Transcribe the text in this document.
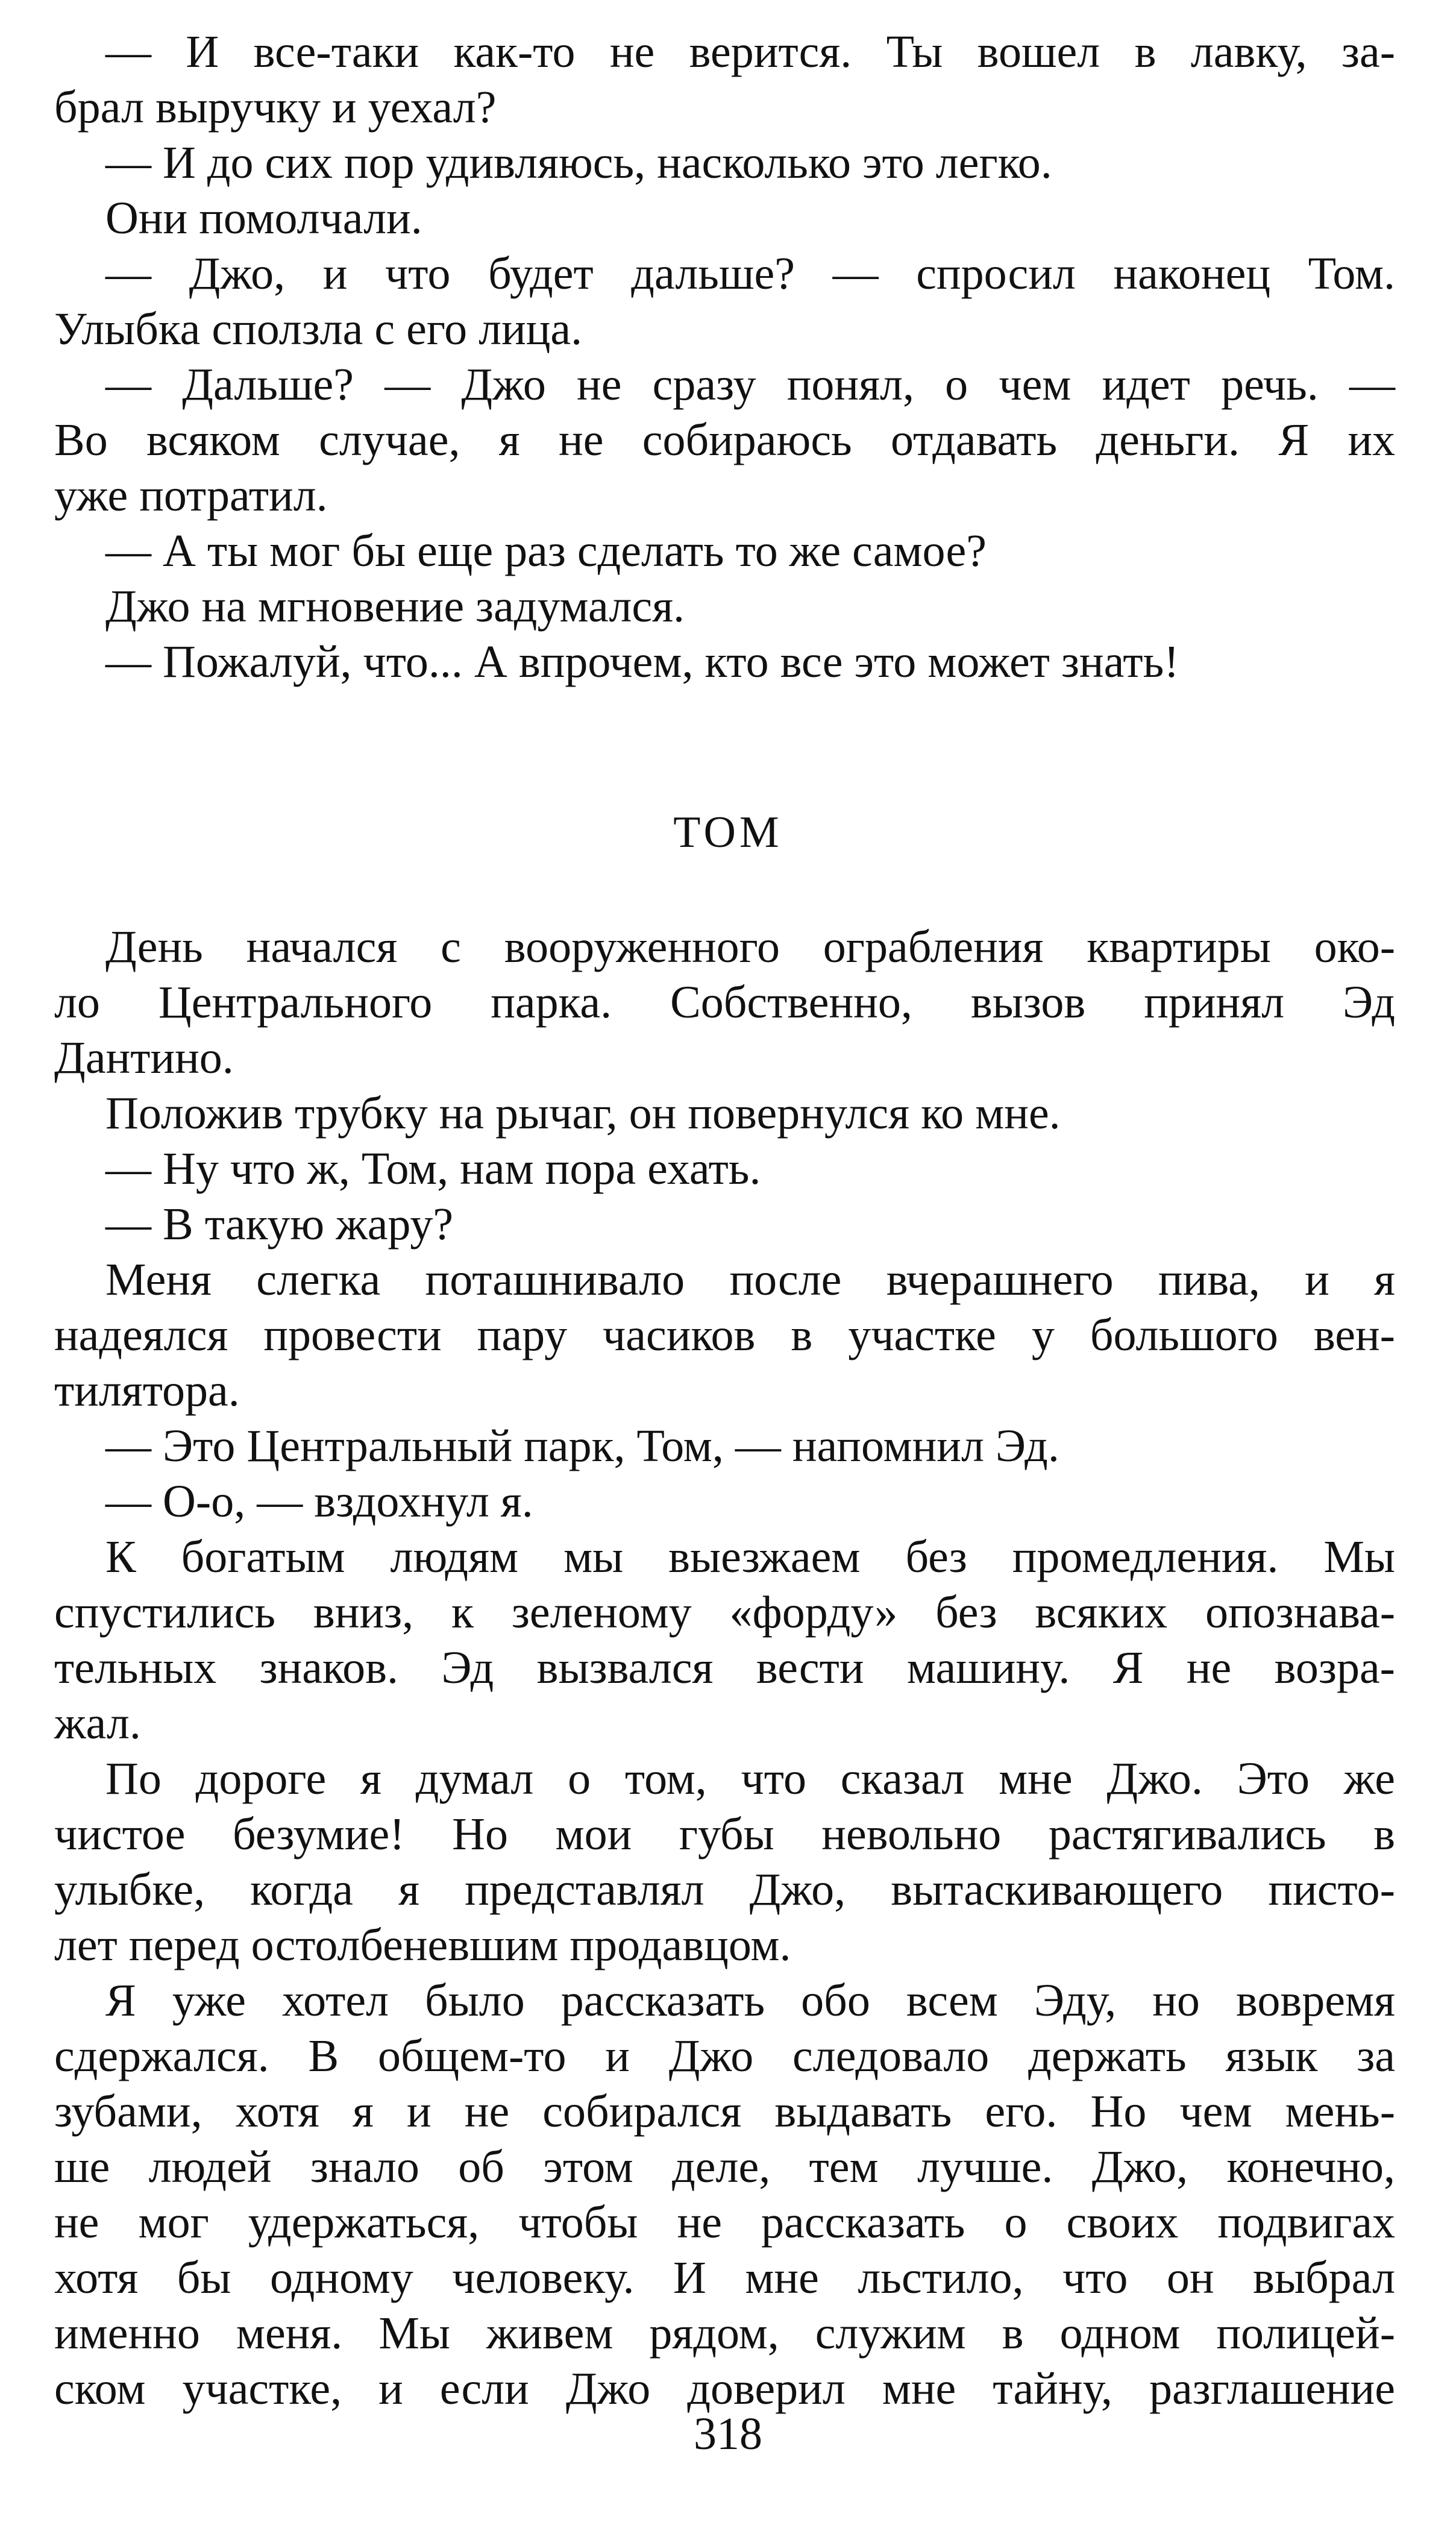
— И все-таки как-то не верится. Ты вошел в лавку, за-
брал выручку и уехал?
— И до сих пор удивляюсь, насколько это легко.
Они помолчали.
— Джо, и что будет дальше? — спросил наконец Том.
Улыбка сползла с его лица.
— Дальше? — Джо не сразу понял, о чем идет речь. —
Во всяком случае, я не собираюсь отдавать деньги. Я их
уже потратил.
— А ты мог бы еще раз сделать то же самое?
Джо на мгновение задумался.
— Пожалуй, что... А впрочем, кто все это может знать!
ТОМ
День начался с вооруженного ограбления квартиры око-
ло Центрального парка. Собственно, вызов принял Эд
Дантино.
Положив трубку на рычаг, он повернулся ко мне.
— Ну что ж, Том, нам пора ехать.
— В такую жару?
Меня слегка поташнивало после вчерашнего пива, и я
надеялся провести пару часиков в участке у большого вен-
тилятора.
— Это Центральный парк, Том, — напомнил Эд.
— О-о, — вздохнул я.
К богатым людям мы выезжаем без промедления. Мы
спустились вниз, к зеленому «форду» без всяких опознава-
тельных знаков. Эд вызвался вести машину. Я не возра-
жал.
По дороге я думал о том, что сказал мне Джо. Это же
чистое безумие! Но мои губы невольно растягивались в
улыбке, когда я представлял Джо, вытаскивающего писто-
лет перед остолбеневшим продавцом.
Я уже хотел было рассказать обо всем Эду, но вовремя
сдержался. В общем-то и Джо следовало держать язык за
зубами, хотя я и не собирался выдавать его. Но чем мень-
ше людей знало об этом деле, тем лучше. Джо, конечно,
не мог удержаться, чтобы не рассказать о своих подвигах
хотя бы одному человеку. И мне льстило, что он выбрал
именно меня. Мы живем рядом, служим в одном полицей-
ском участке, и если Джо доверил мне тайну, разглашение
318
